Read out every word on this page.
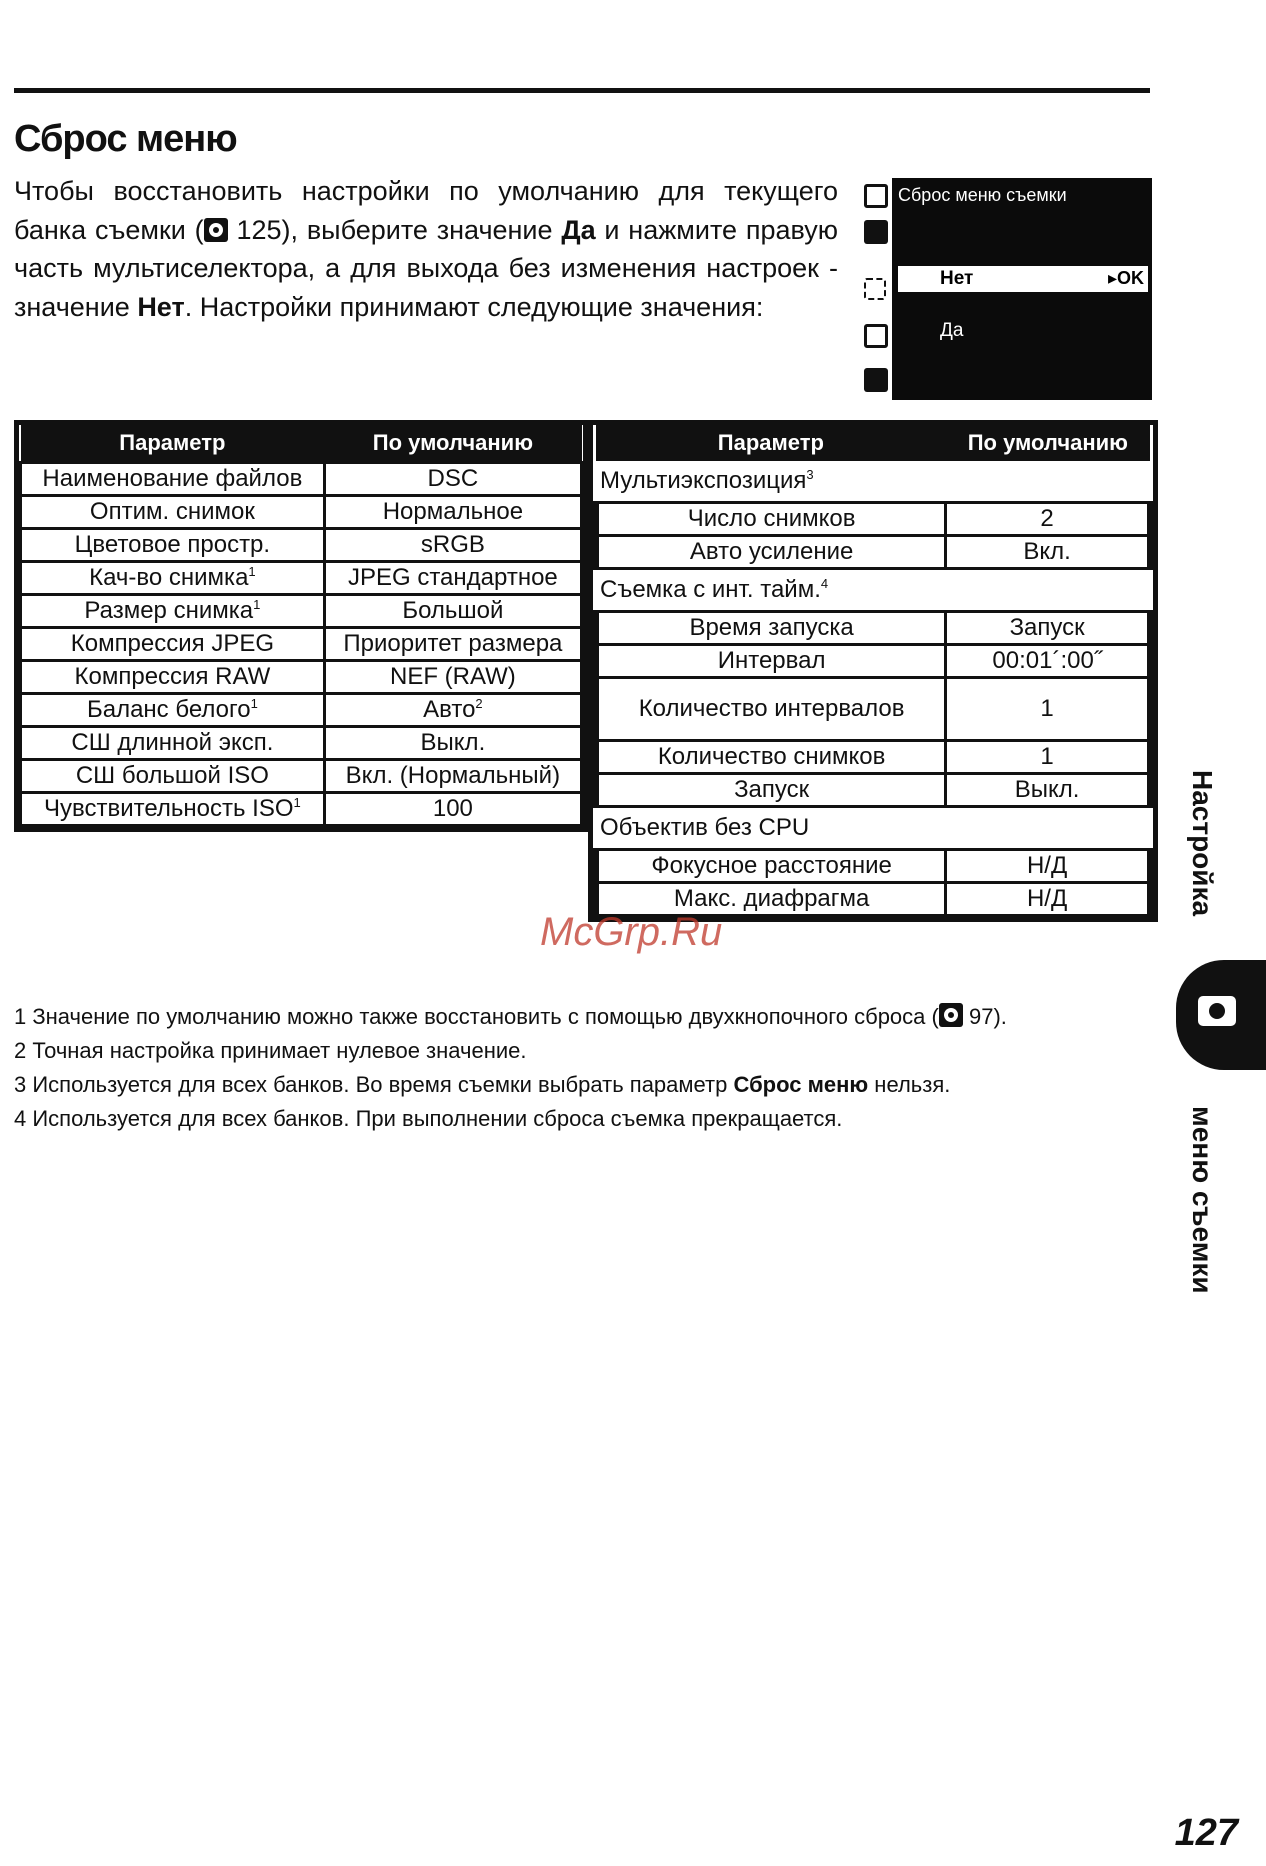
Сброс меню

Чтобы восстановить настройки по умолчанию для текущего банка съемки ( 125), выберите значение Да и нажмите правую часть мультиселектора, а для выхода без изменения настроек - значение Нет. Настройки принимают следующие значения:

Сброс меню съемки
Нет	▸OK
Да
Параметр	По умолчанию
Наименование файлов	DSC
Оптим. снимок	Нормальное
Цветовое простр.	sRGB
Кач-во снимка$^1$	JPEG стандартное
Размер снимка$^1$	Большой
Компрессия JPEG	Приоритет размера
Компрессия RAW	NEF (RAW)
Баланс белого$^1$	Авто$^2$
СШ длинной эксп.	Выкл.
СШ большой ISO	Вкл. (Нормальный)
Чувствительность ISO$^1$	100
Параметр	По умолчанию
Мультиэкспозиция$^3$
Число снимков	2
Авто усиление	Вкл.
Съемка с инт. тайм.$^4$
Время запуска	Запуск
Интервал	00:01´:00˝
Количество интервалов	1
Количество снимков	1
Запуск	Выкл.
Объектив без CPU	
Фокусное расстояние	Н/Д
Макс. диафрагма	Н/Д
McGrp.Ru

1 Значение по умолчанию можно также восстановить с помощью двухкнопочного сброса ( 97).

2 Точная настройка принимает нулевое значение.

3 Используется для всех банков. Во время съемки выбрать параметр Сброс меню нельзя.

4 Используется для всех банков. При выполнении сброса съемка прекращается.

Настройка
меню съемки
127
